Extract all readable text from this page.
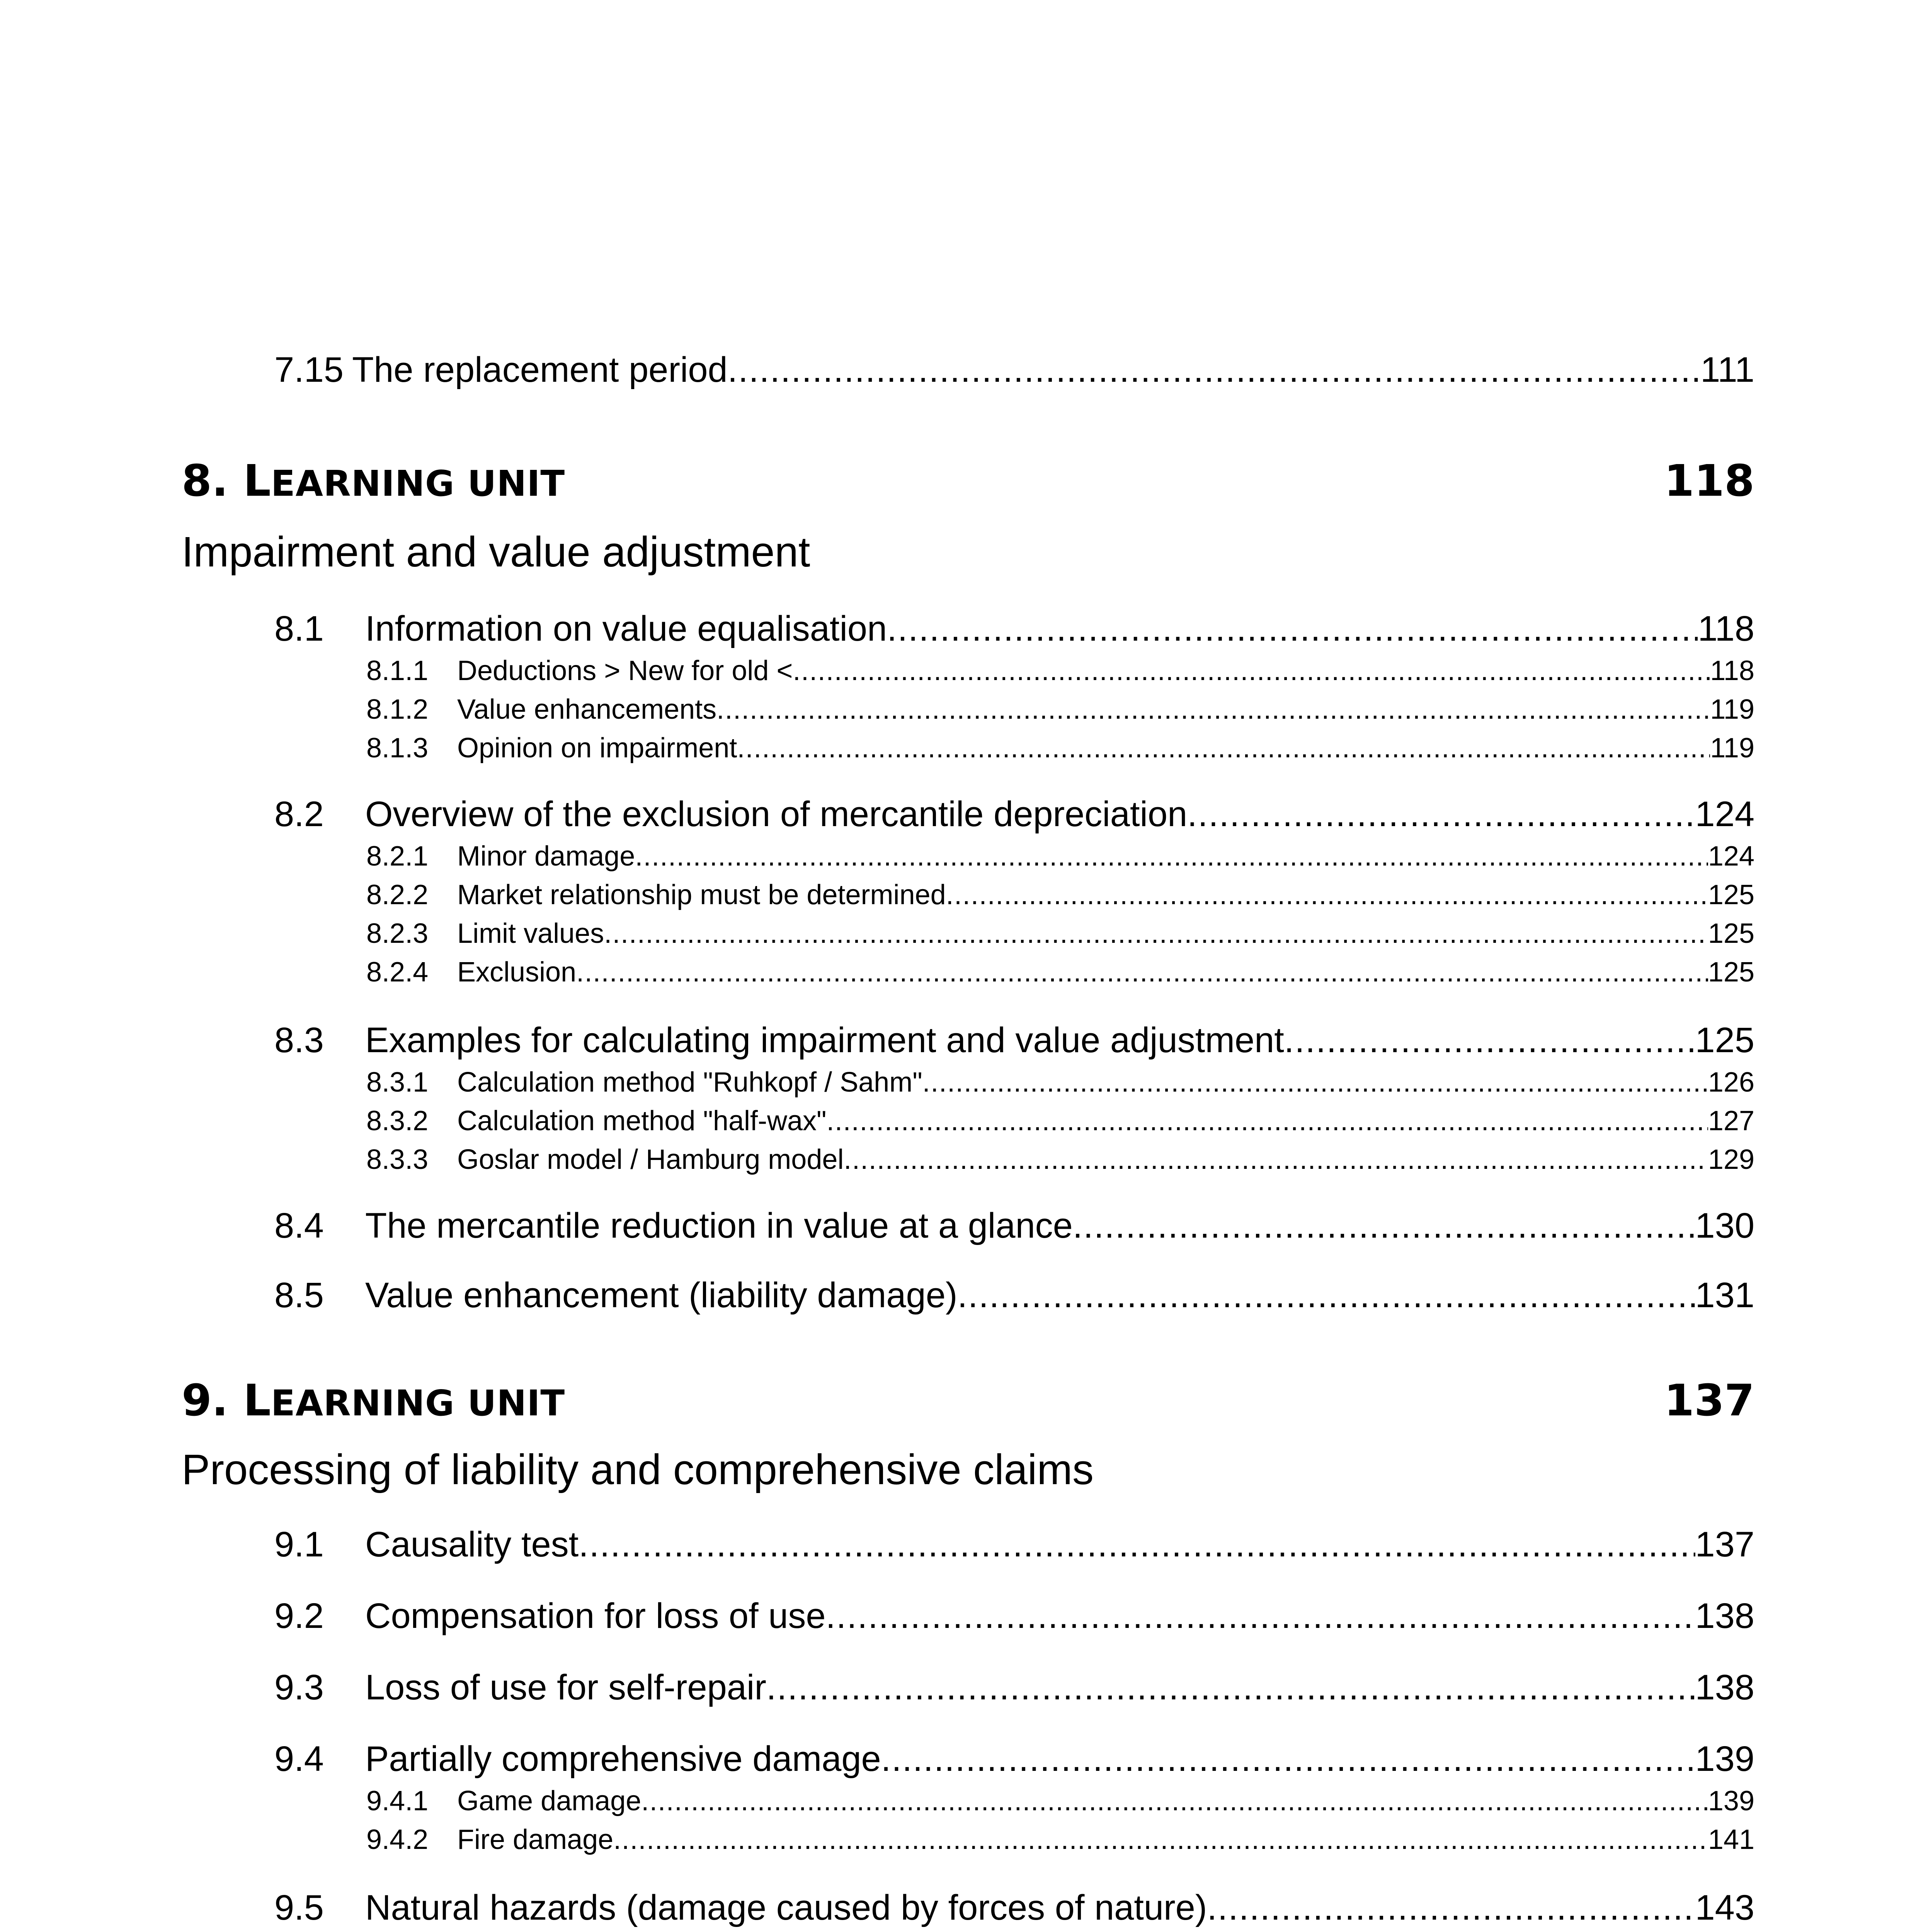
7.15 The replacement period .....	111
8. LEARNING UNIT	118
Impairment and value adjustment
8.1	Information on value equalisation .....	118
8.1.1	Deductions > New for old < .....	118
8.1.2	Value enhancements .....	119
8.1.3	Opinion on impairment .....	119
8.2	Overview of the exclusion of mercantile depreciation .....	124
8.2.1	Minor damage .....	124
8.2.2	Market relationship must be determined .....	125
8.2.3	Limit values .....	125
8.2.4	Exclusion .....	125
8.3	Examples for calculating impairment and value adjustment .....	125
8.3.1	Calculation method "Ruhkopf / Sahm" .....	126
8.3.2	Calculation method "half-wax" .....	127
8.3.3	Goslar model / Hamburg model .....	129
8.4	The mercantile reduction in value at a glance .....	130
8.5	Value enhancement (liability damage) .....	131
9. LEARNING UNIT	137
Processing of liability and comprehensive claims
9.1	Causality test .....	137
9.2	Compensation for loss of use .....	138
9.3	Loss of use for self-repair .....	138
9.4	Partially comprehensive damage .....	139
9.4.1	Game damage .....	139
9.4.2	Fire damage .....	141
9.5	Natural hazards (damage caused by forces of nature) .....	143
